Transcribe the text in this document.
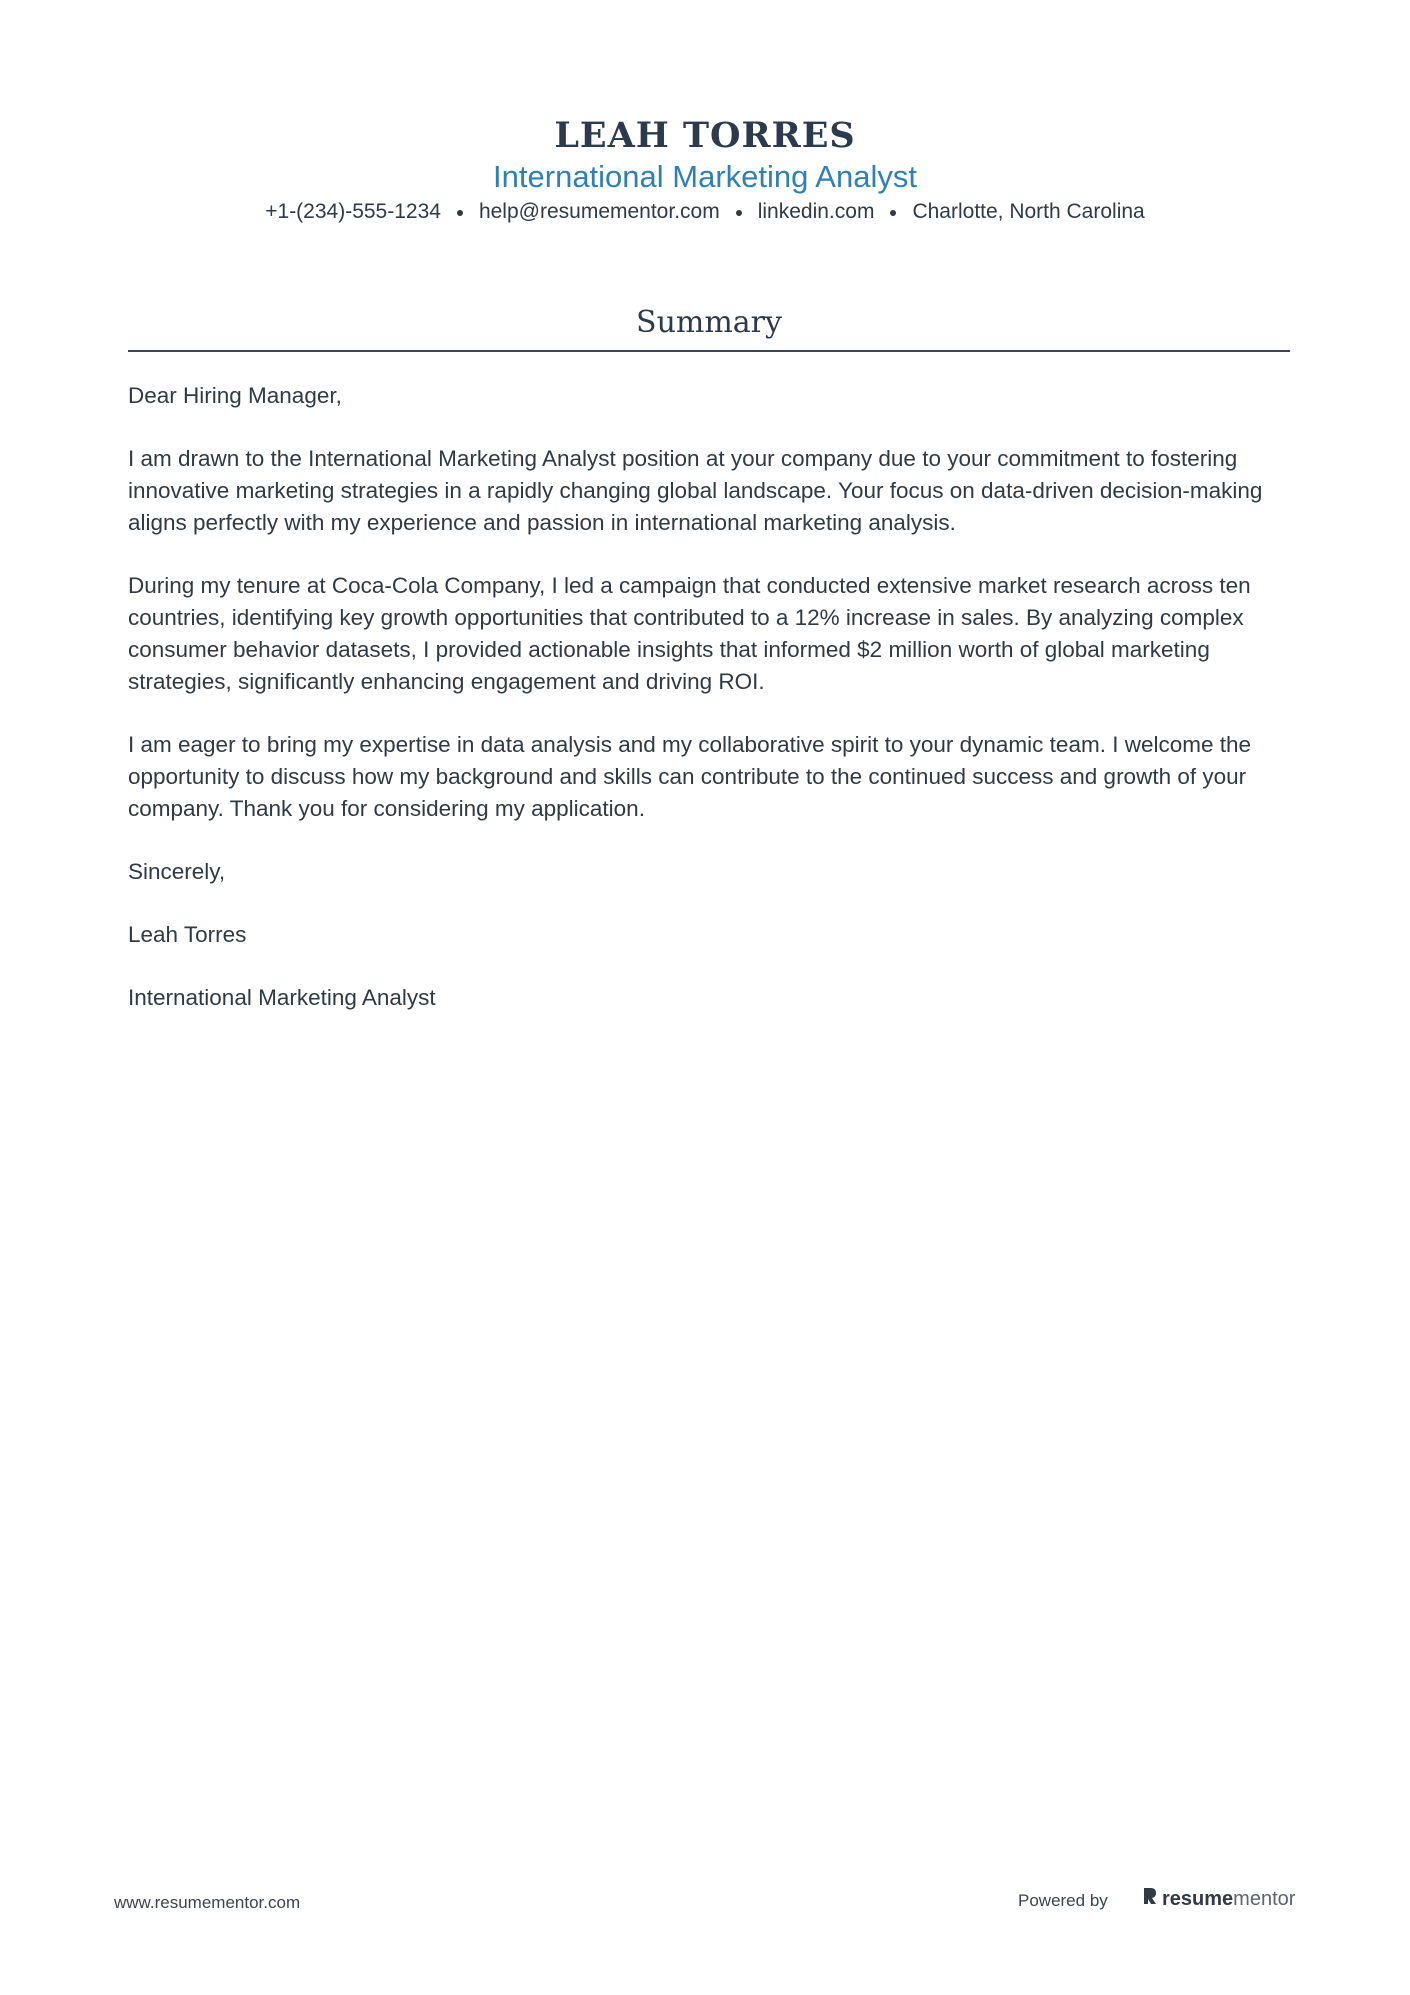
LEAH TORRES
International Marketing Analyst
+1-(234)-555-1234 help@resumementor.com linkedin.com Charlotte, North Carolina
Summary

Dear Hiring Manager,

I am drawn to the International Marketing Analyst position at your company due to your commitment to fostering innovative marketing strategies in a rapidly changing global landscape. Your focus on data-driven decision-making aligns perfectly with my experience and passion in international marketing analysis.

During my tenure at Coca-Cola Company, I led a campaign that conducted extensive market research across ten countries, identifying key growth opportunities that contributed to a 12% increase in sales. By analyzing complex consumer behavior datasets, I provided actionable insights that informed $2 million worth of global marketing strategies, significantly enhancing engagement and driving ROI.

I am eager to bring my expertise in data analysis and my collaborative spirit to your dynamic team. I welcome the opportunity to discuss how my background and skills can contribute to the continued success and growth of your company. Thank you for considering my application.

Sincerely,

Leah Torres

International Marketing Analyst

www.resumementor.com	Powered by	resume mentor
